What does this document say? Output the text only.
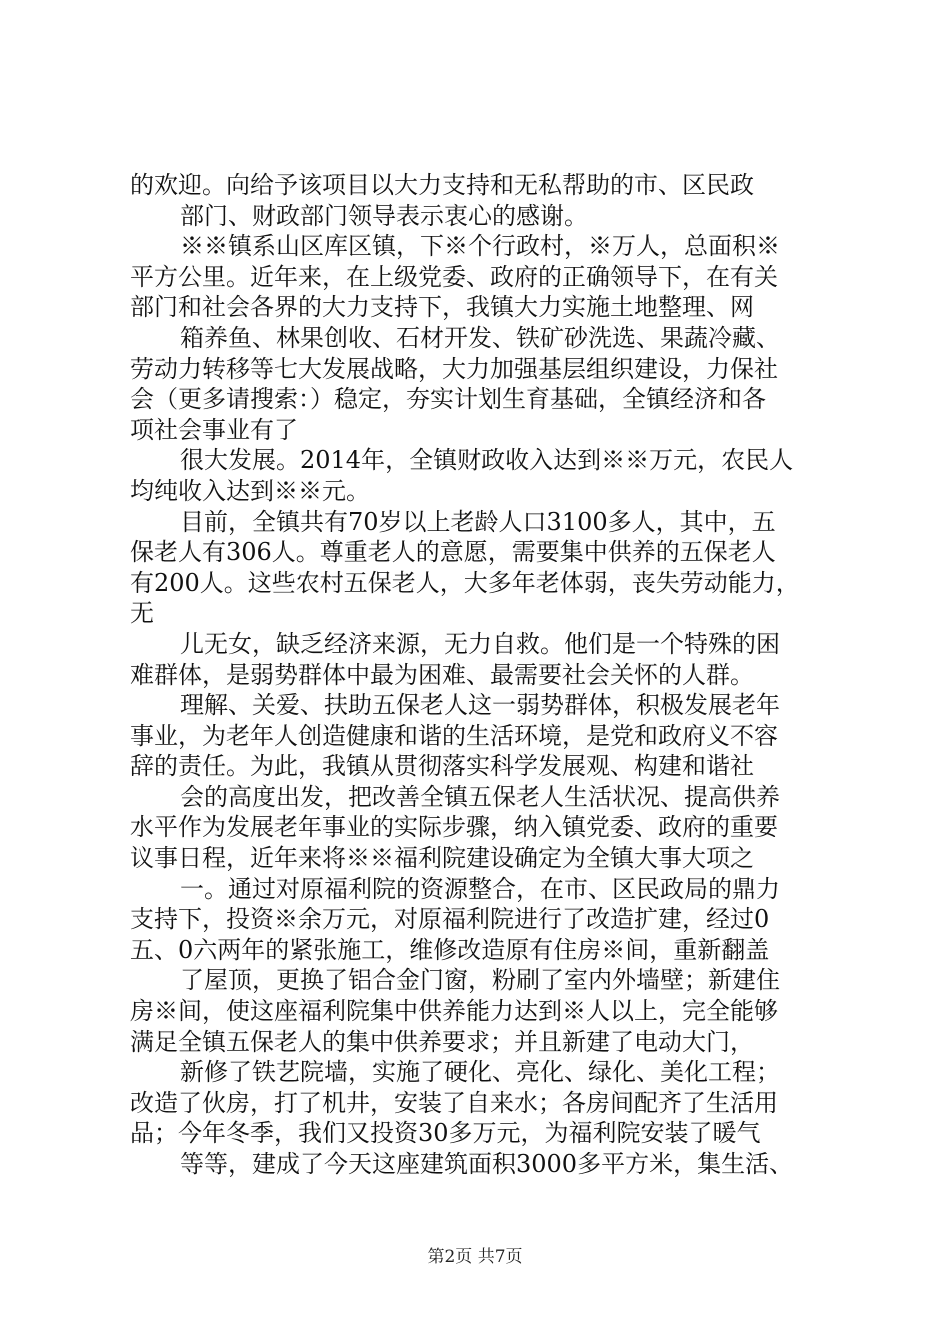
的欢迎。向给予该项目以大力支持和无私帮助的市、区民政
部门、财政部门领导表示衷心的感谢。
※※镇系山区库区镇，下※个行政村，※万人，总面积※
平方公里。近年来，在上级党委、政府的正确领导下，在有关
部门和社会各界的大力支持下，我镇大力实施土地整理、网
箱养鱼、林果创收、石材开发、铁矿砂洗选、果蔬冷藏、
劳动力转移等七大发展战略，大力加强基层组织建设，力保社
会（更多请搜索：）稳定，夯实计划生育基础，全镇经济和各
项社会事业有了
很大发展。2014年，全镇财政收入达到※※万元，农民人
均纯收入达到※※元。
目前，全镇共有70岁以上老龄人口3100多人，其中，五
保老人有306人。尊重老人的意愿，需要集中供养的五保老人
有200人。这些农村五保老人，大多年老体弱，丧失劳动能力，
无
儿无女，缺乏经济来源，无力自救。他们是一个特殊的困
难群体，是弱势群体中最为困难、最需要社会关怀的人群。
理解、关爱、扶助五保老人这一弱势群体，积极发展老年
事业，为老年人创造健康和谐的生活环境，是党和政府义不容
辞的责任。为此，我镇从贯彻落实科学发展观、构建和谐社
会的高度出发，把改善全镇五保老人生活状况、提高供养
水平作为发展老年事业的实际步骤，纳入镇党委、政府的重要
议事日程，近年来将※※福利院建设确定为全镇大事大项之
一。通过对原福利院的资源整合，在市、区民政局的鼎力
支持下，投资※余万元，对原福利院进行了改造扩建，经过0
五、0六两年的紧张施工，维修改造原有住房※间，重新翻盖
了屋顶，更换了铝合金门窗，粉刷了室内外墙壁；新建住
房※间，使这座福利院集中供养能力达到※人以上，完全能够
满足全镇五保老人的集中供养要求；并且新建了电动大门，
新修了铁艺院墙，实施了硬化、亮化、绿化、美化工程；
改造了伙房，打了机井，安装了自来水；各房间配齐了生活用
品；今年冬季，我们又投资30多万元，为福利院安装了暖气
等等，建成了今天这座建筑面积3000多平方米，集生活、
第2页 共7页
